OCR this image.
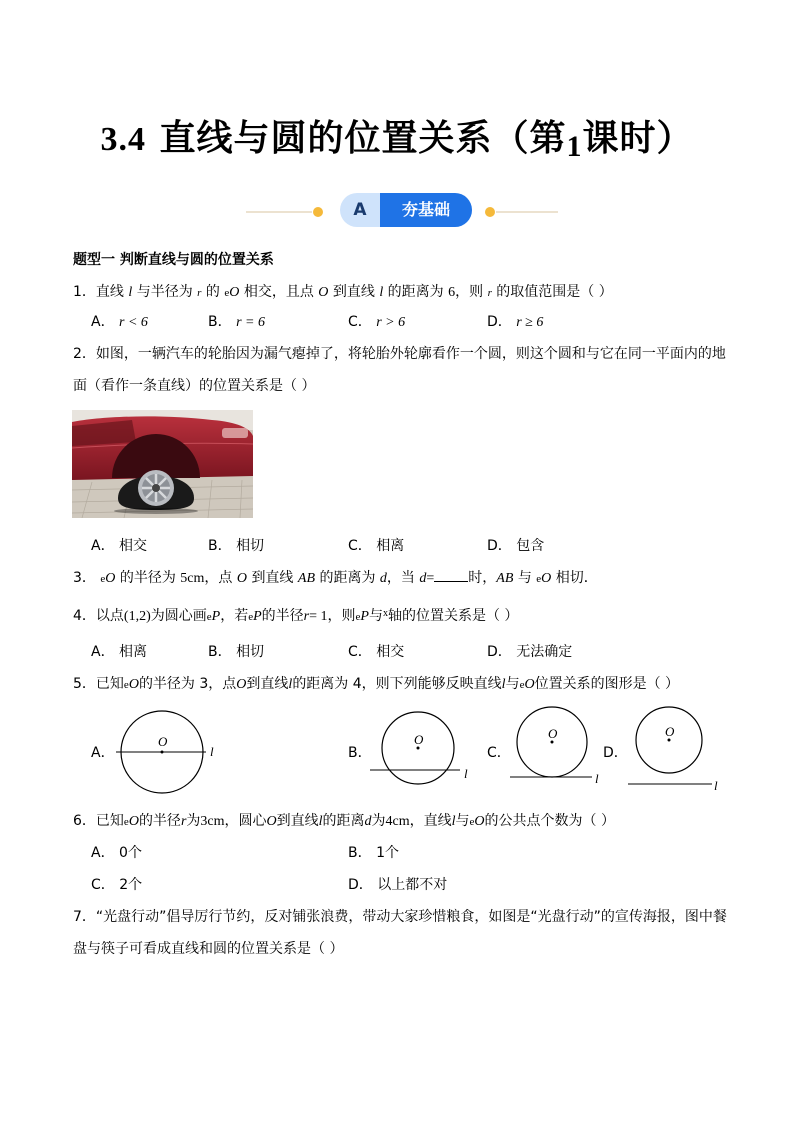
3.4 直线与圆的位置关系（第1课时）
A	夯基础
题型一 判断直线与圆的位置关系
1．直线 l 与半径为 r 的 eO 相交，且点 O 到直线 l 的距离为 6，则 r 的取值范围是（ ）
A． r < 6	B． r = 6	C． r > 6	D． r ≥ 6
2．如图，一辆汽车的轮胎因为漏气瘪掉了，将轮胎外轮廓看作一个圆，则这个圆和与它在同一平面内的地
面（看作一条直线）的位置关系是（ ）
A． 相交	B． 相切	C． 相离	D． 包含
3． eO 的半径为 5cm，点 O 到直线 AB 的距离为 d，当 d= 时，AB 与 eO 相切．
4．以点(1,2)为圆心画eP，若eP的半径r= 1，则eP与$^x$轴的位置关系是（ ）
A． 相离	B． 相切	C． 相交	D． 无法确定
5．已知eO的半径为 3，点O到直线l的距离为 4，则下列能够反映直线l与eO位置关系的图形是（ ）
A．
O
l	B．
O
l
C．
O
l
D．
O
l
6．已知eO的半径r为3cm，圆心O到直线l的距离d为4cm，直线l与eO的公共点个数为（ ）
A． 0个	B． 1个
C． 2个	D． 以上都不对
7．“光盘行动”倡导厉行节约，反对铺张浪费，带动大家珍惜粮食，如图是“光盘行动”的宣传海报，图中餐
盘与筷子可看成直线和圆的位置关系是（ ）
